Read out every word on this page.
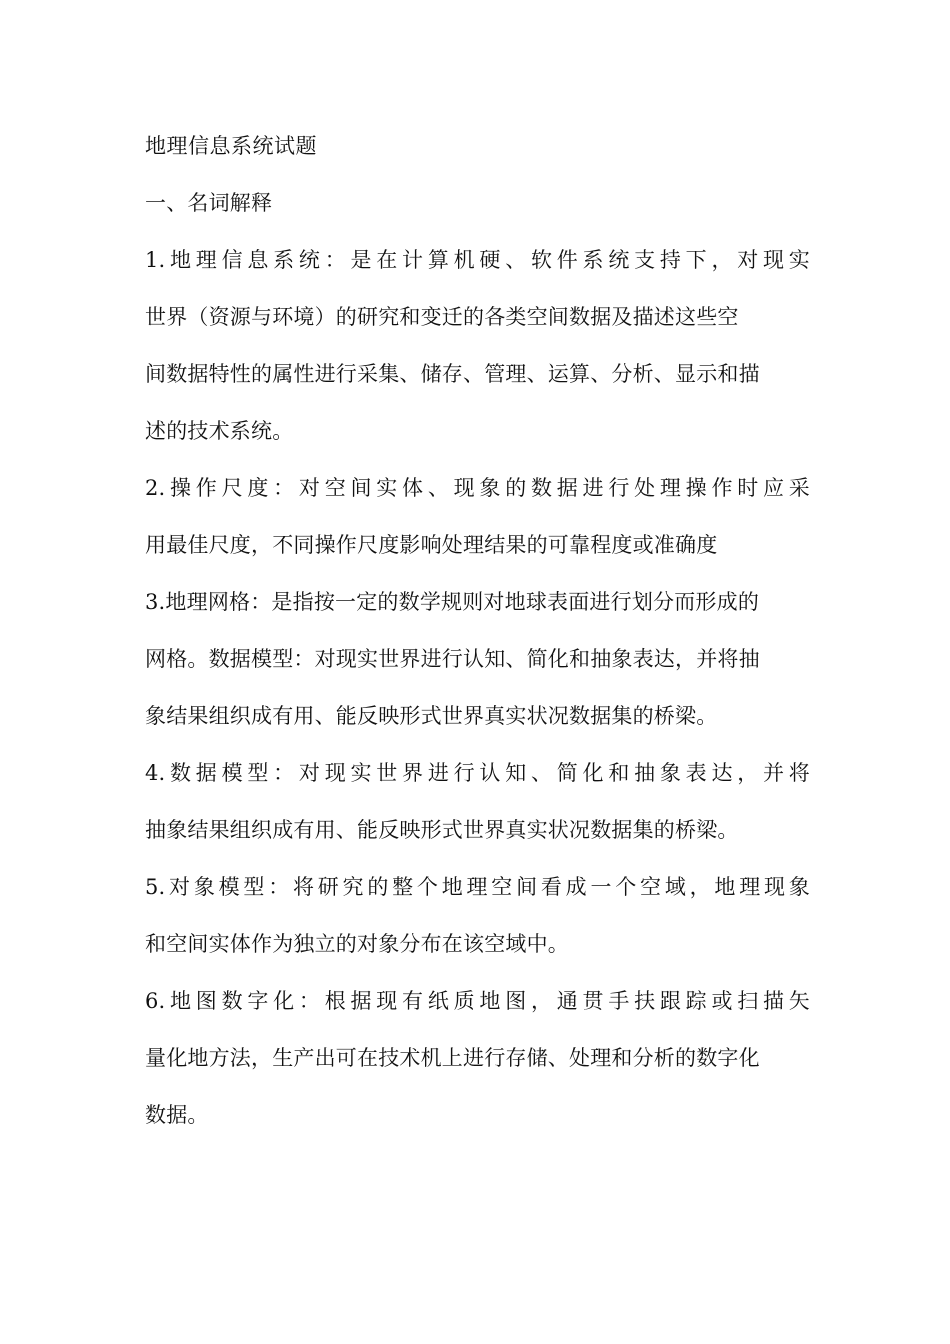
地理信息系统试题
一、名词解释
1.地理信息系统：是在计算机硬、软件系统支持下，对现实
世界（资源与环境）的研究和变迁的各类空间数据及描述这些空
间数据特性的属性进行采集、储存、管理、运算、分析、显示和描
述的技术系统。
2.操作尺度：对空间实体、现象的数据进行处理操作时应采
用最佳尺度，不同操作尺度影响处理结果的可靠程度或准确度
3.地理网格：是指按一定的数学规则对地球表面进行划分而形成的
网格。数据模型：对现实世界进行认知、简化和抽象表达，并将抽
象结果组织成有用、能反映形式世界真实状况数据集的桥梁。
4.数据模型：对现实世界进行认知、简化和抽象表达，并将
抽象结果组织成有用、能反映形式世界真实状况数据集的桥梁。
5.对象模型：将研究的整个地理空间看成一个空域，地理现象
和空间实体作为独立的对象分布在该空域中。
6.地图数字化：根据现有纸质地图，通贯手扶跟踪或扫描矢
量化地方法，生产出可在技术机上进行存储、处理和分析的数字化
数据。
